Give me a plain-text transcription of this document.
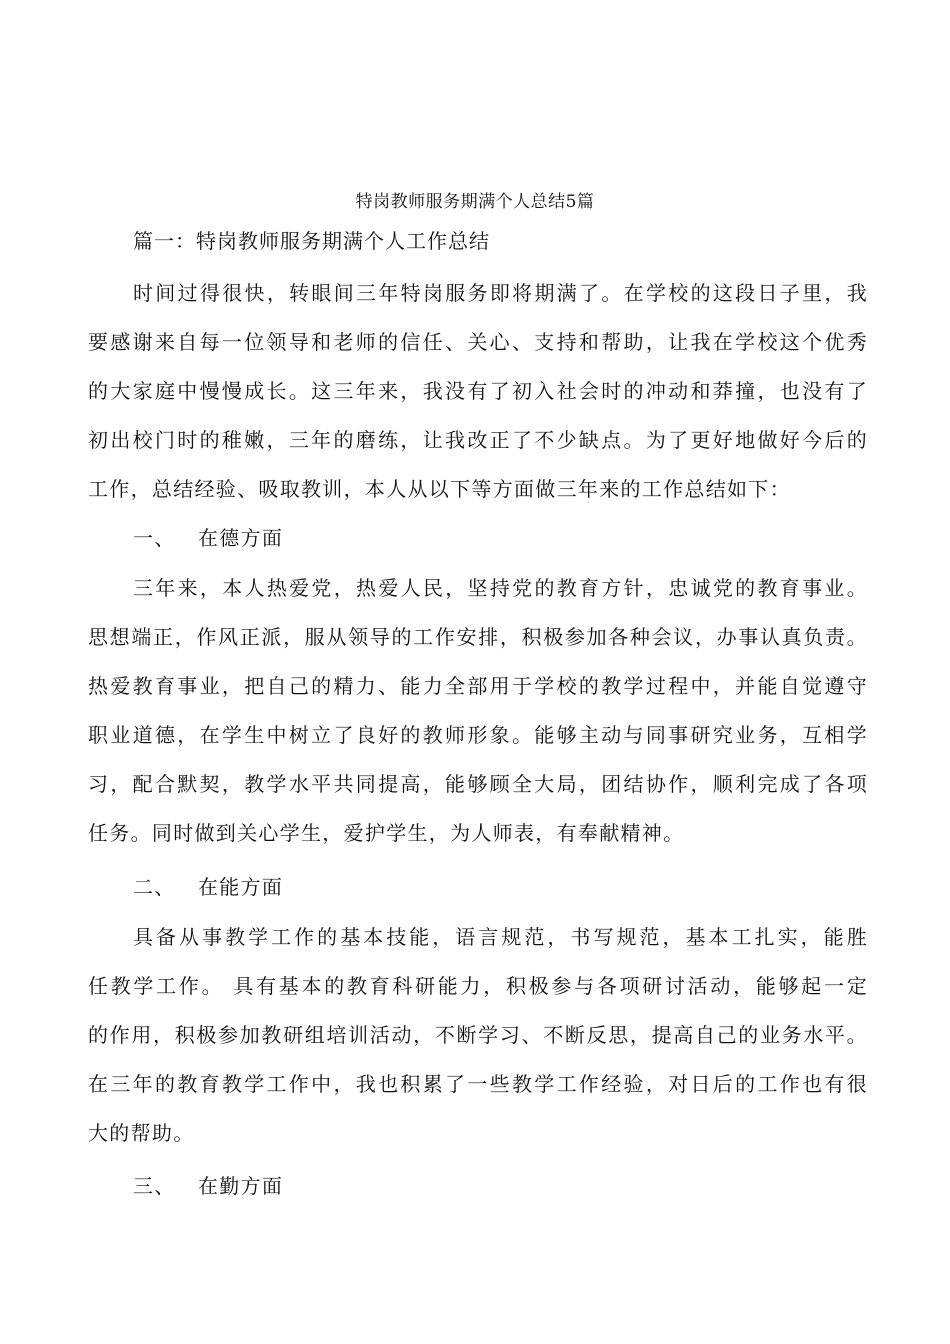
特岗教师服务期满个人总结5篇
篇一：特岗教师服务期满个人工作总结
时间过得很快，转眼间三年特岗服务即将期满了。在学校的这段日子里，我
要感谢来自每一位领导和老师的信任、关心、支持和帮助，让我在学校这个优秀
的大家庭中慢慢成长。这三年来，我没有了初入社会时的冲动和莽撞，也没有了
初出校门时的稚嫩，三年的磨练，让我改正了不少缺点。为了更好地做好今后的
工作，总结经验、吸取教训，本人从以下等方面做三年来的工作总结如下：
一、 在德方面
三年来，本人热爱党，热爱人民，坚持党的教育方针，忠诚党的教育事业。
思想端正，作风正派，服从领导的工作安排，积极参加各种会议，办事认真负责。
热爱教育事业，把自己的精力、能力全部用于学校的教学过程中，并能自觉遵守
职业道德，在学生中树立了良好的教师形象。能够主动与同事研究业务，互相学
习，配合默契，教学水平共同提高，能够顾全大局，团结协作，顺利完成了各项
任务。同时做到关心学生，爱护学生，为人师表，有奉献精神。
二、 在能方面
具备从事教学工作的基本技能，语言规范，书写规范，基本工扎实，能胜
任教学工作。 具有基本的教育科研能力，积极参与各项研讨活动，能够起一定
的作用，积极参加教研组培训活动，不断学习、不断反思，提高自己的业务水平。
在三年的教育教学工作中，我也积累了一些教学工作经验，对日后的工作也有很
大的帮助。
三、 在勤方面
